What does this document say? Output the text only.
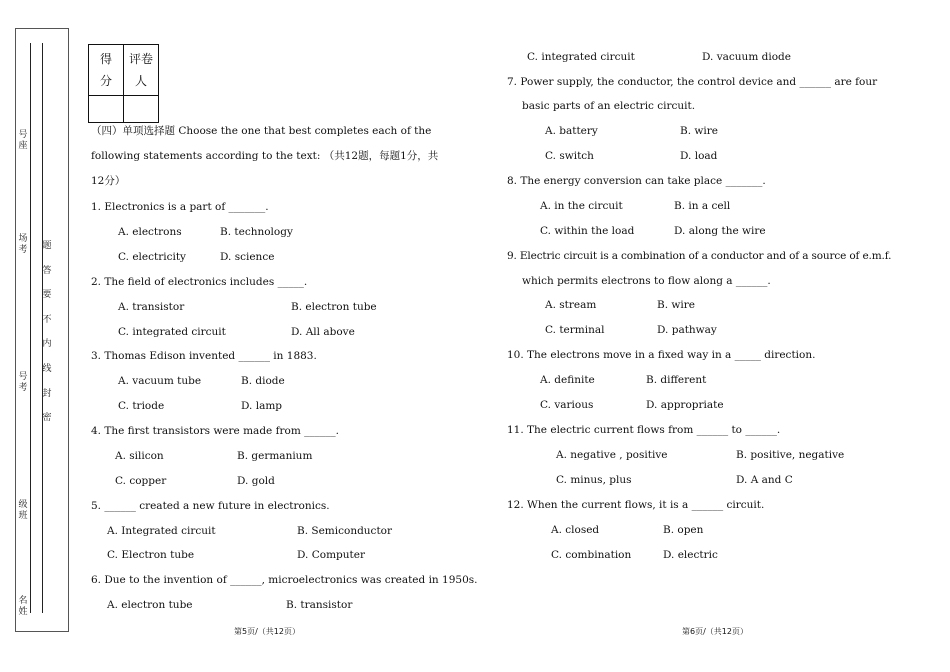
号座
场考
号考
级班
名姓
题
答
要
不
内
线
封
密
得分	评卷人

（四）单项选择题 Choose the one that best completes each of the
following statements according to the text: （共12题，每题1分，共
12分）
1. Electronics is a part of _______.
A. electrons	B. technology
C. electricity	D. science
2. The field of electronics includes _____.
A. transistor	B. electron tube
C. integrated circuit	D. All above
3. Thomas Edison invented ______ in 1883.
A. vacuum tube	B. diode
C. triode	D. lamp
4. The first transistors were made from ______.
A. silicon	B. germanium
C. copper	D. gold
5. ______ created a new future in electronics.
A. Integrated circuit	B. Semiconductor
C. Electron tube	D. Computer
6. Due to the invention of ______, microelectronics was created in 1950s.
A. electron tube	B. transistor
第5页/（共12页）
C. integrated circuit	D. vacuum diode
7. Power supply, the conductor, the control device and ______ are four
basic parts of an electric circuit.
A. battery	B. wire
C. switch	D. load
8. The energy conversion can take place _______.
A. in the circuit	B. in a cell
C. within the load	D. along the wire
9. Electric circuit is a combination of a conductor and of a source of e.m.f.
which permits electrons to flow along a ______.
A. stream	B. wire
C. terminal	D. pathway
10. The electrons move in a fixed way in a _____ direction.
A. definite	B. different
C. various	D. appropriate
11. The electric current flows from ______ to ______.
A. negative , positive	B. positive, negative
C. minus, plus	D. A and C
12. When the current flows, it is a ______ circuit.
A. closed	B. open
C. combination	D. electric
第6页/（共12页）
